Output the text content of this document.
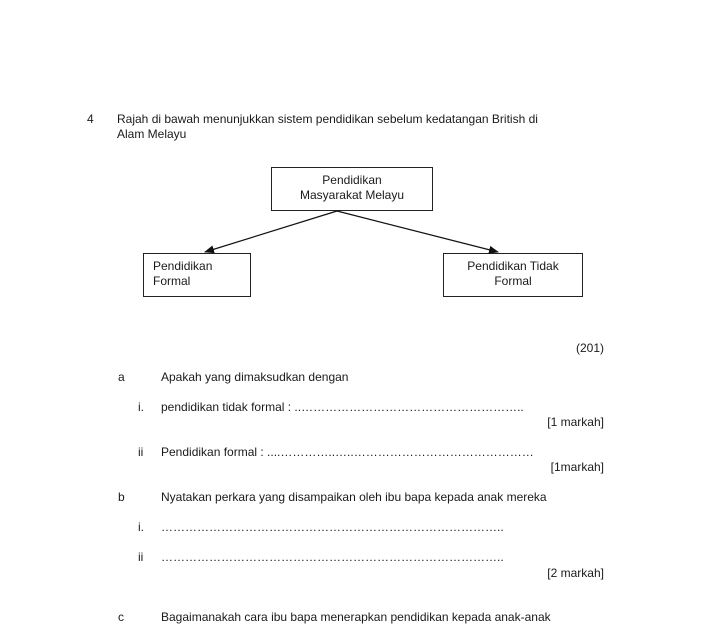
4 Rajah di bawah menunjukkan sistem pendidikan sebelum kedatangan British di
Alam Melayu
Pendidikan
Masyarakat Melayu
Pendidikan
Formal
Pendidikan Tidak
Formal
(201)
a	Apakah yang dimaksudkan dengan
i. pendidikan tidak formal : ..………………………………………………..
[1 markah]
ii Pendidikan formal : ....…………..…..………………………………………
[1markah]
b	Nyatakan perkara yang disampaikan oleh ibu bapa kepada anak mereka
i. …………………………………………………………………………..
ii …………………………………………………………………………..
[2 markah]
c	Bagaimanakah cara ibu bapa menerapkan pendidikan kepada anak-anak
